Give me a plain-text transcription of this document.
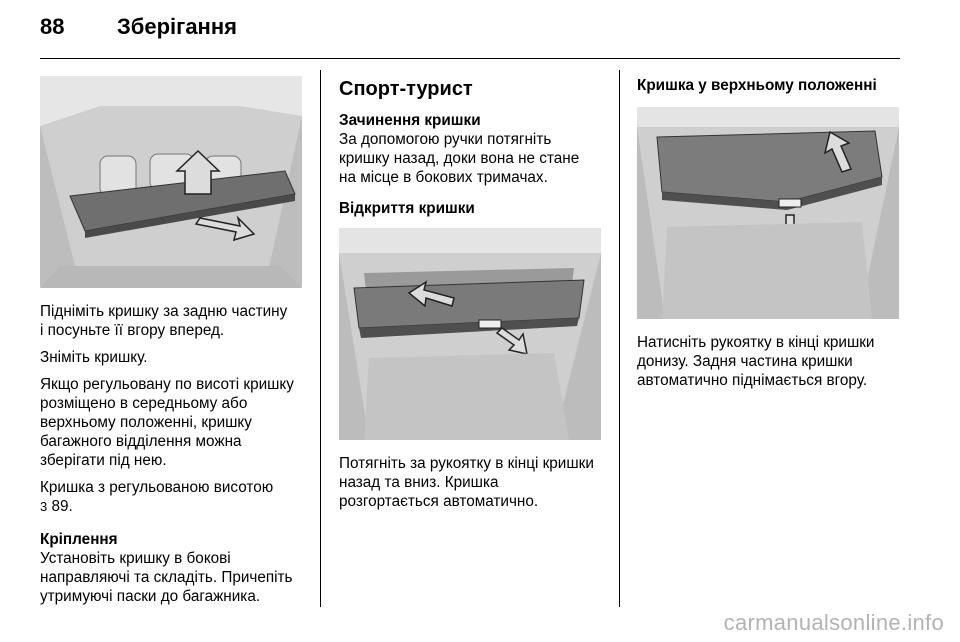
88 Зберігання

Підніміть кришку за задню частину
і посуньте її вгору вперед.

Зніміть кришку.

Якщо регульовану по висоті кришку
розміщено в середньому або
верхньому положенні, кришку
багажного відділення можна
зберігати під нею.

Кришка з регульованою висотою
3 89.

Кріплення

Установіть кришку в бокові
направляючі та складіть. Причепіть
утримуючі паски до багажника.

Спорт-турист

Зачинення кришки

За допомогою ручки потягніть
кришку назад, доки вона не стане
на місце в бокових тримачах.

Відкриття кришки

Потягніть за рукоятку в кінці кришки
назад та вниз. Кришка
розгортається автоматично.

Кришка у верхньому положенні

Натисніть рукоятку в кінці кришки
донизу. Задня частина кришки
автоматично піднімається вгору.

carmanualsonline.info
